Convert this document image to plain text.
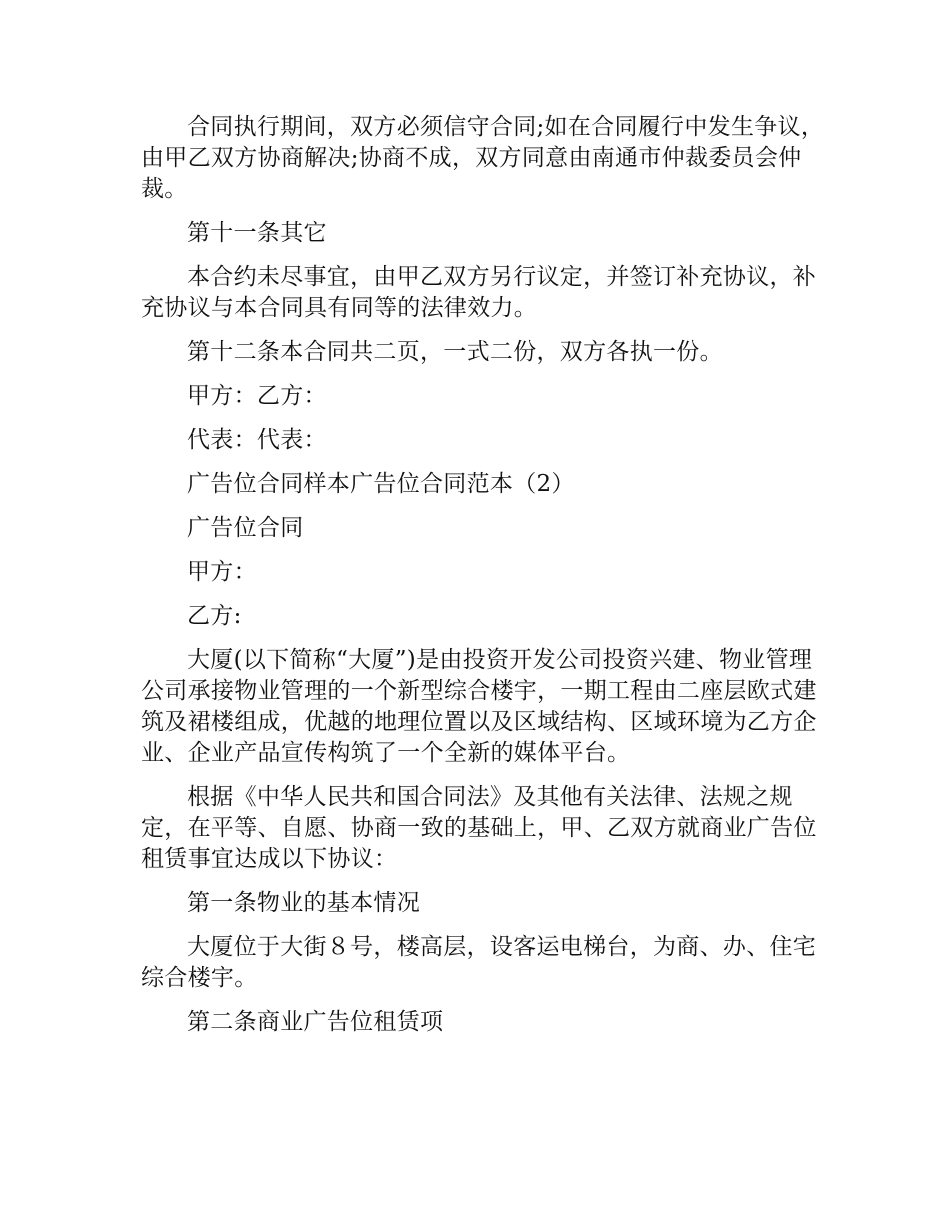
合同执行期间，双方必须信守合同;如在合同履行中发生争议，由甲乙双方协商解决;协商不成，双方同意由南通市仲裁委员会仲裁。

第十一条其它

本合约未尽事宜，由甲乙双方另行议定，并签订补充协议，补充协议与本合同具有同等的法律效力。

第十二条本合同共二页，一式二份，双方各执一份。

甲方：乙方：

代表：代表：

广告位合同样本广告位合同范本（2）

广告位合同

甲方：

乙方:

大厦(以下简称“大厦”)是由投资开发公司投资兴建、物业管理公司承接物业管理的一个新型综合楼宇，一期工程由二座层欧式建筑及裙楼组成，优越的地理位置以及区域结构、区域环境为乙方企业、企业产品宣传构筑了一个全新的媒体平台。

根据《中华人民共和国合同法》及其他有关法律、法规之规定，在平等、自愿、协商一致的基础上，甲、乙双方就商业广告位租赁事宜达成以下协议：

第一条物业的基本情况

大厦位于大街８号，楼高层，设客运电梯台，为商、办、住宅综合楼宇。

第二条商业广告位租赁项
